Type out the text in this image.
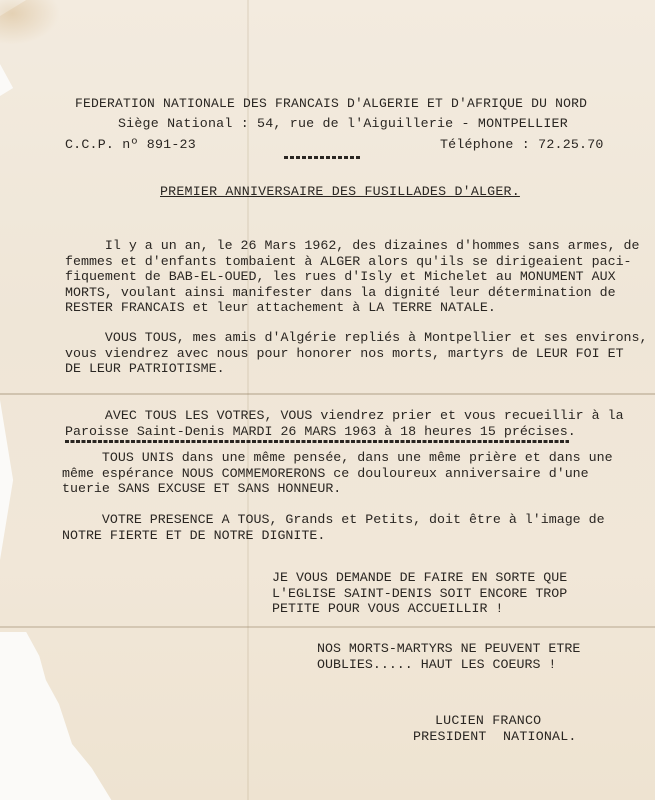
FEDERATION NATIONALE DES FRANCAIS D'ALGERIE ET D'AFRIQUE DU NORD
Siège National : 54, rue de l'Aiguillerie - MONTPELLIER
C.C.P. nº 891-23	Téléphone : 72.25.70
PREMIER ANNIVERSAIRE DES FUSILLADES D'ALGER.
Il y a un an, le 26 Mars 1962, des dizaines d'hommes sans armes, de
femmes et d'enfants tombaient à ALGER alors qu'ils se dirigeaient paci-
fiquement de BAB-EL-OUED, les rues d'Isly et Michelet au MONUMENT AUX
MORTS, voulant ainsi manifester dans la dignité leur détermination de
RESTER FRANCAIS et leur attachement à LA TERRE NATALE.
VOUS TOUS, mes amis d'Algérie repliés à Montpellier et ses environs,
vous viendrez avec nous pour honorer nos morts, martyrs de LEUR FOI ET
DE LEUR PATRIOTISME.
AVEC TOUS LES VOTRES, VOUS viendrez prier et vous recueillir à la
Paroisse Saint-Denis MARDI 26 MARS 1963 à 18 heures 15 précises.
TOUS UNIS dans une même pensée, dans une même prière et dans une
même espérance NOUS COMMEMORERONS ce douloureux anniversaire d'une
tuerie SANS EXCUSE ET SANS HONNEUR.
VOTRE PRESENCE A TOUS, Grands et Petits, doit être à l'image de
NOTRE FIERTE ET DE NOTRE DIGNITE.
JE VOUS DEMANDE DE FAIRE EN SORTE QUE
L'EGLISE SAINT-DENIS SOIT ENCORE TROP
PETITE POUR VOUS ACCUEILLIR !
NOS MORTS-MARTYRS NE PEUVENT ETRE
OUBLIES..... HAUT LES COEURS !
LUCIEN FRANCO
PRESIDENT  NATIONAL.
